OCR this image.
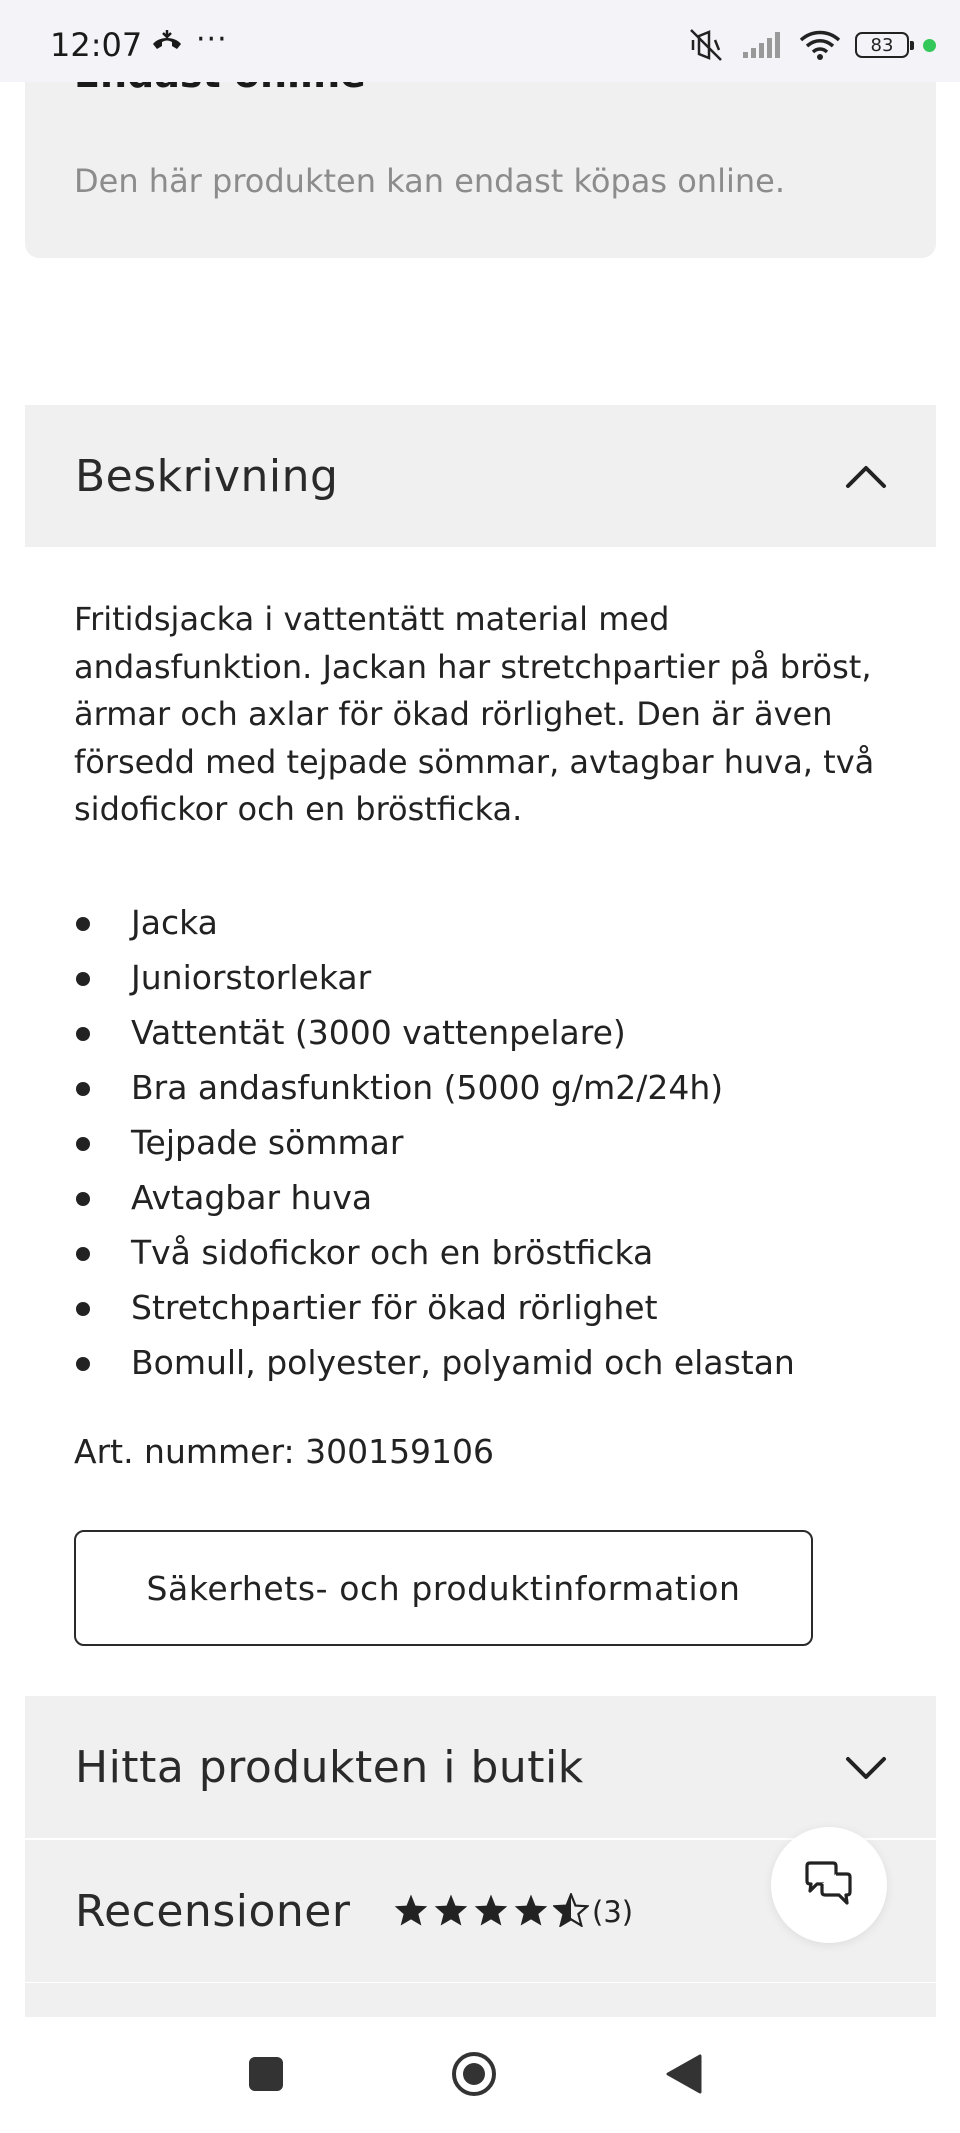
12:07 ···	83
Den här produkten kan endast köpas online.
Beskrivning
Fritidsjacka i vattentätt material med andasfunktion. Jackan har stretchpartier på bröst, ärmar och axlar för ökad rörlighet. Den är även försedd med tejpade sömmar, avtagbar huva, två sidofickor och en bröstficka.
Jacka
Juniorstorlekar
Vattentät (3000 vattenpelare)
Bra andasfunktion (5000 g/m2/24h)
Tejpade sömmar
Avtagbar huva
Två sidofickor och en bröstficka
Stretchpartier för ökad rörlighet
Bomull, polyester, polyamid och elastan
Art. nummer: 300159106
Säkerhets- och produktinformation
Hitta produkten i butik
Recensioner	(3)
